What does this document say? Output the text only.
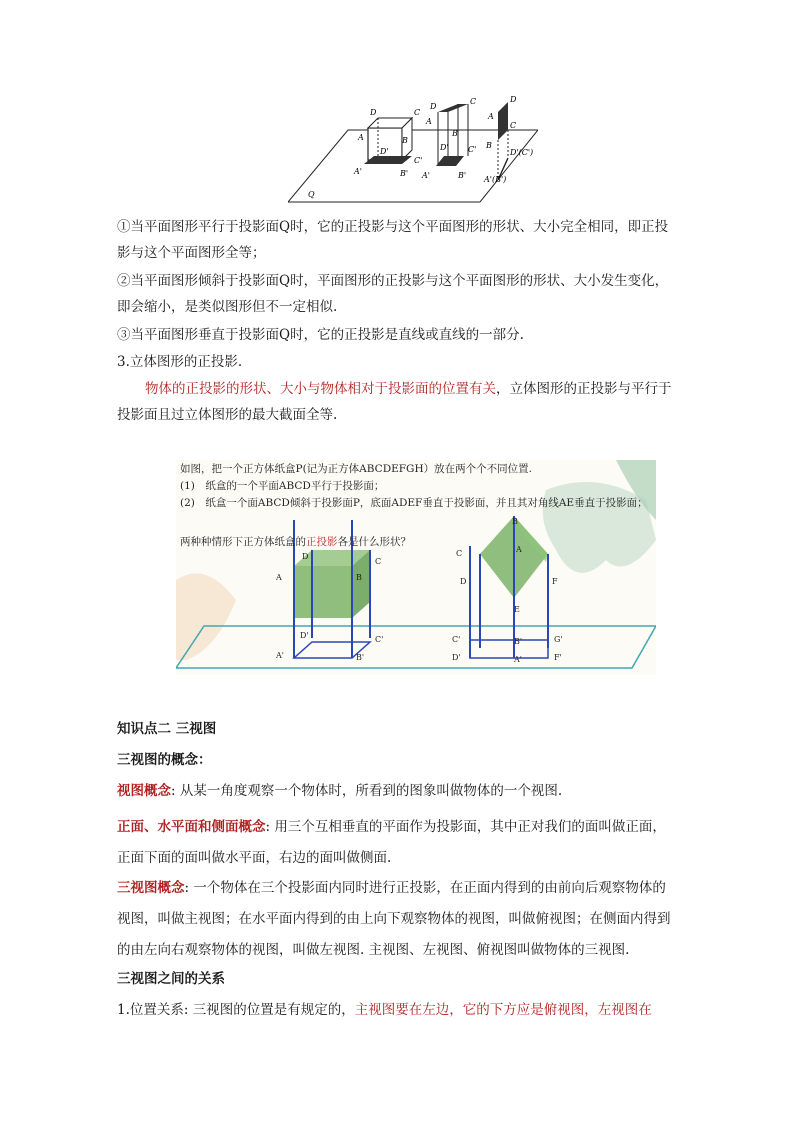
Q
D	C
A	B
D'
C'
A'	B'
D
C
A
B
D' C'
A'	B'
D
A
C
B
D'(C')
A'(B')
①当平面图形平行于投影面Q时，它的正投影与这个平面图形的形状、大小完全相同，即正投影与这个平面图形全等；
②当平面图形倾斜于投影面Q时，平面图形的正投影与这个平面图形的形状、大小发生变化，即会缩小，是类似图形但不一定相似.
③当平面图形垂直于投影面Q时，它的正投影是直线或直线的一部分.
3.立体图形的正投影.
物体的正投影的形状、大小与物体相对于投影面的位置有关，立体图形的正投影与平行于投影面且过立体图形的最大截面全等.
D
C
A	B
D'	C'
A'	B'
B
C	A
D	F
E
C'	B'	G'
D'	A'	F'
如图，把一个正方体纸盒P(记为正方体ABCDEFGH）放在两个个不同位置.
(1)　纸盒的一个平面ABCD平行于投影面；
(2)　纸盒一个面ABCD倾斜于投影面P，底面ADEF垂直于投影面，并且其对角线AE垂直于投影面；
两种种情形下正方体纸盒的正投影各是什么形状？
知识点二 三视图
三视图的概念：
视图概念: 从某一角度观察一个物体时，所看到的图象叫做物体的一个视图.
正面、水平面和侧面概念: 用三个互相垂直的平面作为投影面，其中正对我们的面叫做正面，正面下面的面叫做水平面，右边的面叫做侧面.
三视图概念: 一个物体在三个投影面内同时进行正投影，在正面内得到的由前向后观察物体的视图，叫做主视图；在水平面内得到的由上向下观察物体的视图，叫做俯视图；在侧面内得到的由左向右观察物体的视图，叫做左视图. 主视图、左视图、俯视图叫做物体的三视图.
三视图之间的关系
1.位置关系: 三视图的位置是有规定的，主视图要在左边，它的下方应是俯视图，左视图在
